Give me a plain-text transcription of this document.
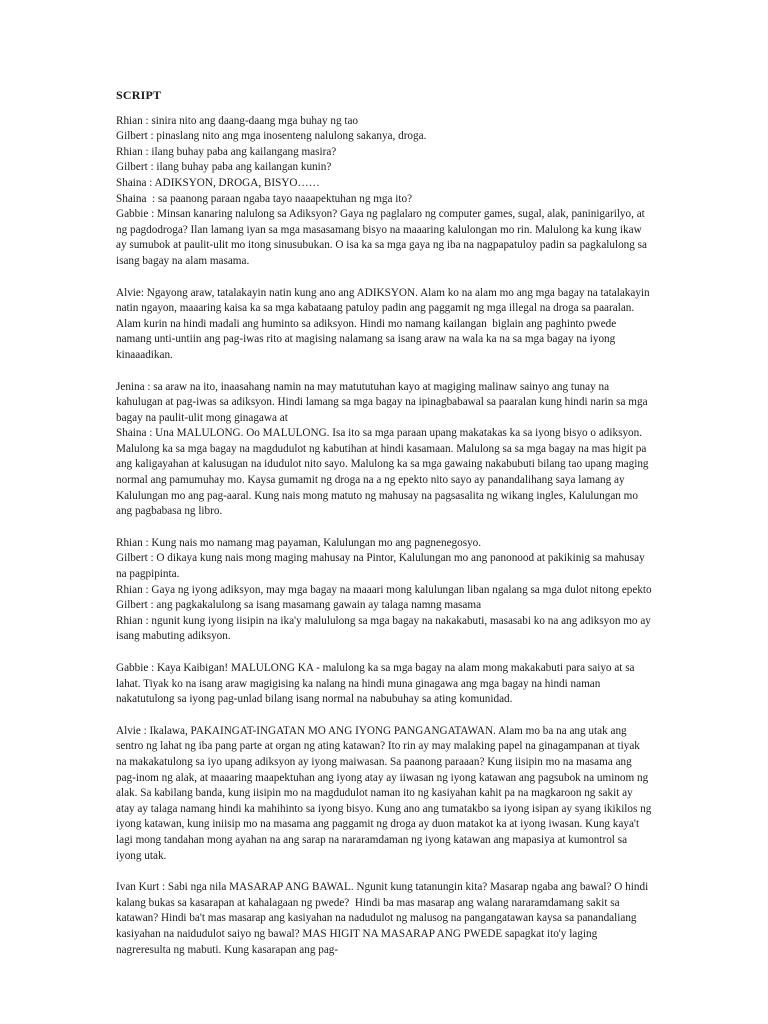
SCRIPT

Rhian : sinira nito ang daang-daang mga buhay ng tao

Gilbert : pinaslang nito ang mga inosenteng nalulong sakanya, droga.

Rhian : ilang buhay paba ang kailangang masira?

Gilbert : ilang buhay paba ang kailangan kunin?

Shaina : ADIKSYON, DROGA, BISYO……

Shaina  : sa paanong paraan ngaba tayo naaapektuhan ng mga ito?

Gabbie : Minsan kanaring nalulong sa Adiksyon? Gaya ng paglalaro ng computer games, sugal, alak, paninigarilyo, at ng pagdodroga? Ilan lamang iyan sa mga masasamang bisyo na maaaring kalulongan mo rin. Malulong ka kung ikaw ay sumubok at paulit-ulit mo itong sinusubukan. O isa ka sa mga gaya ng iba na nagpapatuloy padin sa pagkalulong sa isang bagay na alam masama.

Alvie: Ngayong araw, tatalakayin natin kung ano ang ADIKSYON. Alam ko na alam mo ang mga bagay na tatalakayin natin ngayon, maaaring kaisa ka sa mga kabataang patuloy padin ang paggamit ng mga illegal na droga sa paaralan. Alam kurin na hindi madali ang huminto sa adiksyon. Hindi mo namang kailangan  biglain ang paghinto pwede namang unti-untiin ang pag-iwas rito at magising nalamang sa isang araw na wala ka na sa mga bagay na iyong kinaaadikan.

Jenina : sa araw na ito, inaasahang namin na may matututuhan kayo at magiging malinaw sainyo ang tunay na kahulugan at pag-iwas sa adiksyon. Hindi lamang sa mga bagay na ipinagbabawal sa paaralan kung hindi narin sa mga bagay na paulit-ulit mong ginagawa at

Shaina : Una MALULONG. Oo MALULONG. Isa ito sa mga paraan upang makatakas ka sa iyong bisyo o adiksyon. Malulong ka sa mga bagay na magdudulot ng kabutihan at hindi kasamaan. Malulong sa sa mga bagay na mas higit pa ang kaligayahan at kalusugan na idudulot nito sayo. Malulong ka sa mga gawaing nakabubuti bilang tao upang maging normal ang pamumuhay mo. Kaysa gumamit ng droga na a ng epekto nito sayo ay panandalihang saya lamang ay Kalulungan mo ang pag-aaral. Kung nais mong matuto ng mahusay na pagsasalita ng wikang ingles, Kalulungan mo ang pagbabasa ng libro.

Rhian : Kung nais mo namang mag payaman, Kalulungan mo ang pagnenegosyo.

Gilbert : O dikaya kung nais mong maging mahusay na Pintor, Kalulungan mo ang panonood at pakikinig sa mahusay na pagpipinta.

Rhian : Gaya ng iyong adiksyon, may mga bagay na maaari mong kalulungan liban ngalang sa mga dulot nitong epekto

Gilbert : ang pagkakalulong sa isang masamang gawain ay talaga namng masama

Rhian : ngunit kung iyong iisipin na ika'y malululong sa mga bagay na nakakabuti, masasabi ko na ang adiksyon mo ay isang mabuting adiksyon.

Gabbie : Kaya Kaibigan! MALULONG KA - malulong ka sa mga bagay na alam mong makakabuti para saiyo at sa lahat. Tiyak ko na isang araw magigising ka nalang na hindi muna ginagawa ang mga bagay na hindi naman nakatutulong sa iyong pag-unlad bilang isang normal na nabubuhay sa ating komunidad.

Alvie : Ikalawa, PAKAINGAT-INGATAN MO ANG IYONG PANGANGATAWAN. Alam mo ba na ang utak ang sentro ng lahat ng iba pang parte at organ ng ating katawan? Ito rin ay may malaking papel na ginagampanan at tiyak na makakatulong sa iyo upang adiksyon ay iyong maiwasan. Sa paanong paraaan? Kung iisipin mo na masama ang pag-inom ng alak, at maaaring maapektuhan ang iyong atay ay iiwasan ng iyong katawan ang pagsubok na uminom ng alak. Sa kabilang banda, kung iisipin mo na magdudulot naman ito ng kasiyahan kahit pa na magkaroon ng sakit ay atay ay talaga namang hindi ka mahihinto sa iyong bisyo. Kung ano ang tumatakbo sa iyong isipan ay syang ikikilos ng iyong katawan, kung iniisip mo na masama ang paggamit ng droga ay duon matakot ka at iyong iwasan. Kung kaya't lagi mong tandahan mong ayahan na ang sarap na nararamdaman ng iyong katawan ang mapasiya at kumontrol sa iyong utak.

Ivan Kurt : Sabi nga nila MASARAP ANG BAWAL. Ngunit kung tatanungin kita? Masarap ngaba ang bawal? O hindi kalang bukas sa kasarapan at kahalagaan ng pwede?  Hindi ba mas masarap ang walang nararamdamang sakit sa katawan? Hindi ba't mas masarap ang kasiyahan na nadudulot ng malusog na pangangatawan kaysa sa panandaliang kasiyahan na naidudulot saiyo ng bawal? MAS HIGIT NA MASARAP ANG PWEDE sapagkat ito'y laging nagreresulta ng mabuti. Kung kasarapan ang pag-
